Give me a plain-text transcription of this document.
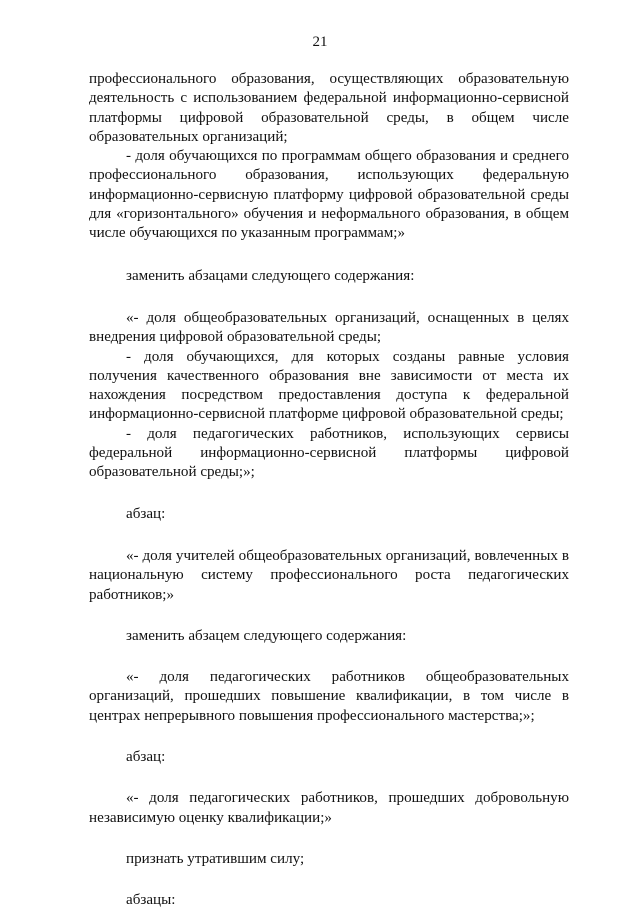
21

профессионального образования, осуществляющих образовательную деятельность с использованием федеральной информационно-сервисной платформы цифровой образовательной среды, в общем числе образовательных организаций;

- доля обучающихся по программам общего образования и среднего профессионального образования, использующих федеральную информационно-сервисную платформу цифровой образовательной среды для «горизонтального» обучения и неформального образования, в общем числе обучающихся по указанным программам;»

заменить абзацами следующего содержания:

«- доля общеобразовательных организаций, оснащенных в целях внедрения цифровой образовательной среды;

- доля обучающихся, для которых созданы равные условия получения качественного образования вне зависимости от места их нахождения посредством предоставления доступа к федеральной информационно-сервисной платформе цифровой образовательной среды;

- доля педагогических работников, использующих сервисы федеральной информационно-сервисной платформы цифровой образовательной среды;»;

абзац:

«- доля учителей общеобразовательных организаций, вовлеченных в национальную систему профессионального роста педагогических работников;»

заменить абзацем следующего содержания:

«- доля педагогических работников общеобразовательных организаций, прошедших повышение квалификации, в том числе в центрах непрерывного повышения профессионального мастерства;»;

абзац:

«- доля педагогических работников, прошедших добровольную независимую оценку квалификации;»

признать утратившим силу;

абзацы:
